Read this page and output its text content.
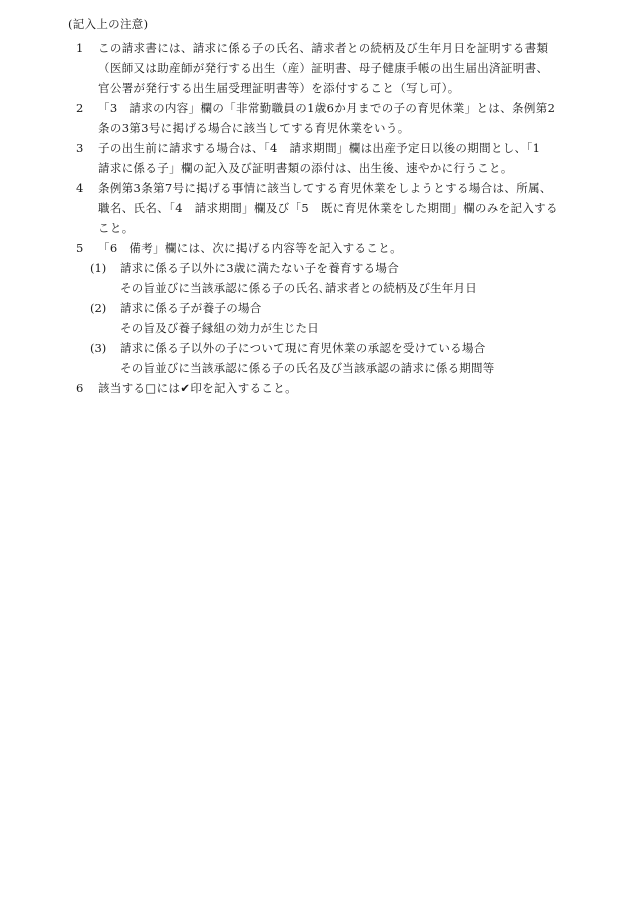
(記入上の注意)
1 この請求書には、請求に係る子の氏名、請求者との続柄及び生年月日を証明する書類（医師又は助産師が発行する出生（産）証明書、母子健康手帳の出生届出済証明書、官公署が発行する出生届受理証明書等）を添付すること（写し可）。
2 「3　請求の内容」欄の「非常勤職員の1歳6か月までの子の育児休業」とは、条例第2条の3第3号に掲げる場合に該当してする育児休業をいう。
3 子の出生前に請求する場合は、「4　請求期間」欄は出産予定日以後の期間とし、「1　請求に係る子」欄の記入及び証明書類の添付は、出生後、速やかに行うこと。
4 条例第3条第7号に掲げる事情に該当してする育児休業をしようとする場合は、所属、職名、氏名、「4　請求期間」欄及び「5　既に育児休業をした期間」欄のみを記入すること。
5 「6　備考」欄には、次に掲げる内容等を記入すること。
(1) 請求に係る子以外に3歳に満たない子を養育する場合
その旨並びに当該承認に係る子の氏名､請求者との続柄及び生年月日
(2) 請求に係る子が養子の場合
その旨及び養子縁組の効力が生じた日
(3) 請求に係る子以外の子について現に育児休業の承認を受けている場合
その旨並びに当該承認に係る子の氏名及び当該承認の請求に係る期間等
6 該当する□には✔印を記入すること。
